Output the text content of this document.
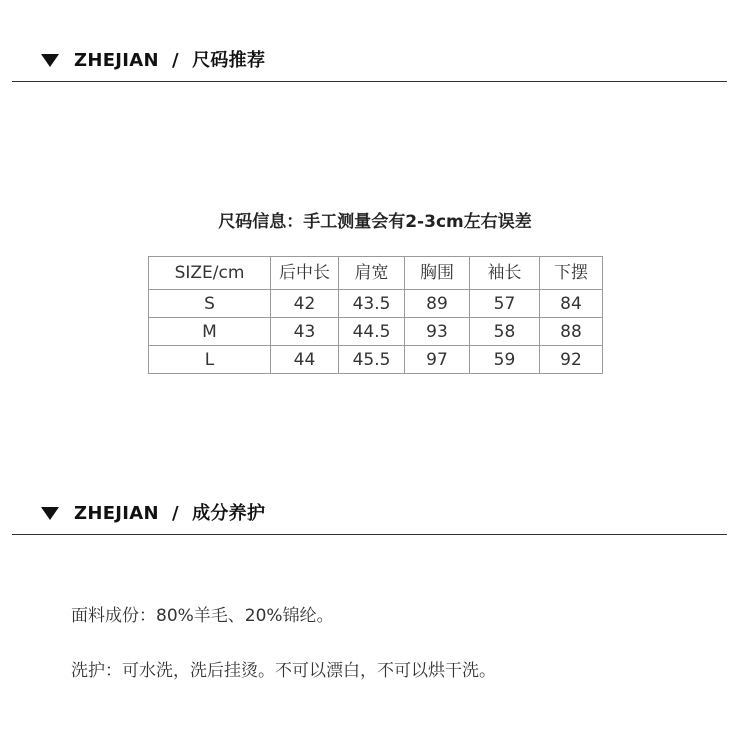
ZHEJIAN / 尺码推荐
尺码信息：手工测量会有2-3cm左右误差
SIZE/cm	后中长	肩宽	胸围	袖长	下摆
S	42	43.5	89	57	84
M	43	44.5	93	58	88
L	44	45.5	97	59	92
ZHEJIAN / 成分养护
面料成份：80%羊毛、20%锦纶。
洗护：可水洗，洗后挂烫。不可以漂白，不可以烘干洗。
